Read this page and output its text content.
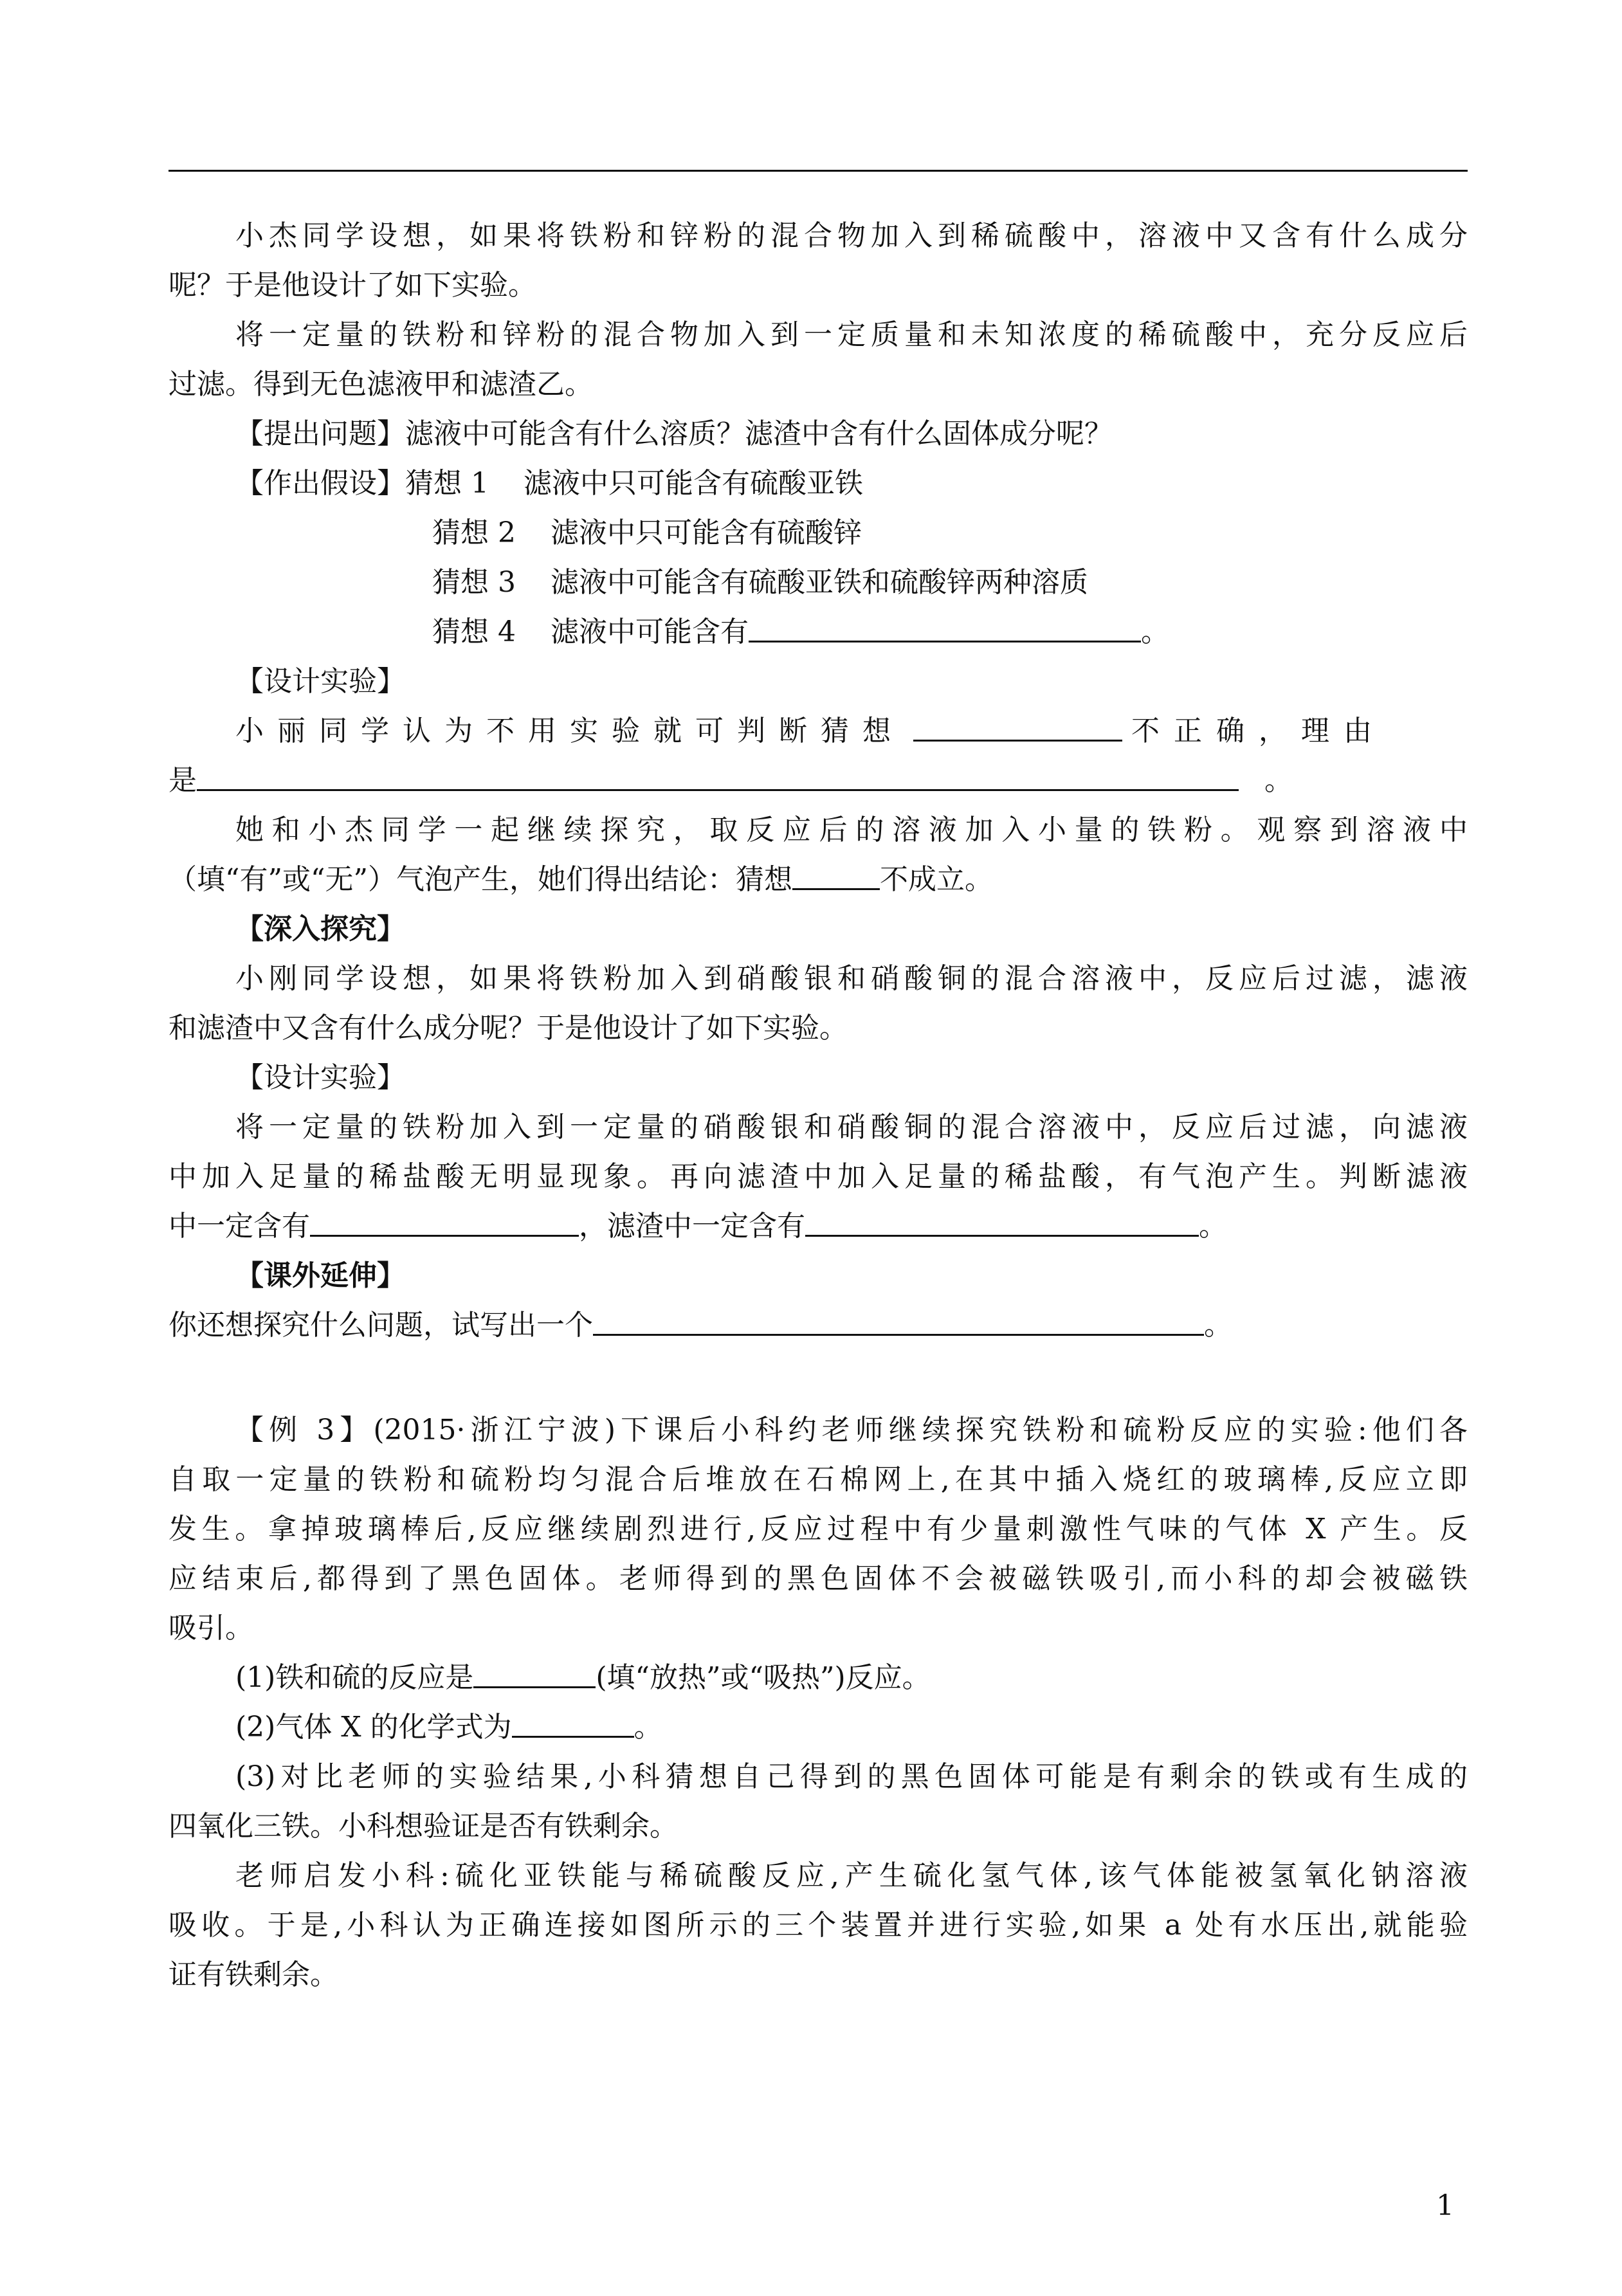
小杰同学设想，如果将铁粉和锌粉的混合物加入到稀硫酸中，溶液中又含有什么成分

呢？于是他设计了如下实验。

将一定量的铁粉和锌粉的混合物加入到一定质量和未知浓度的稀硫酸中，充分反应后

过滤。得到无色滤液甲和滤渣乙。

【提出问题】滤液中可能含有什么溶质？滤渣中含有什么固体成分呢？

【作出假设】 猜想 1 滤液中只可能含有硫酸亚铁
猜想 2 滤液中只可能含有硫酸锌
猜想 3 滤液中可能含有硫酸亚铁和硫酸锌两种溶质
猜想 4 滤液中可能含有	。

【设计实验】

小丽同学认为不用实验就可判断猜想	不正确，理由
是	。

她和小杰同学一起继续探究，取反应后的溶液加入小量的铁粉。观察到溶液中

（填“有”或“无”）气泡产生，她们得出结论：猜想	不成立。

【深入探究】

小刚同学设想，如果将铁粉加入到硝酸银和硝酸铜的混合溶液中，反应后过滤，滤液

和滤渣中又含有什么成分呢？于是他设计了如下实验。

【设计实验】

将一定量的铁粉加入到一定量的硝酸银和硝酸铜的混合溶液中，反应后过滤，向滤液

中加入足量的稀盐酸无明显现象。再向滤渣中加入足量的稀盐酸，有气泡产生。判断滤液

中一定含有	，滤渣中一定含有	。

【课外延伸】

你还想探究什么问题，试写出一个	。

【例 3】(2015·浙江宁波)下课后小科约老师继续探究铁粉和硫粉反应的实验:他们各

自取一定量的铁粉和硫粉均匀混合后堆放在石棉网上,在其中插入烧红的玻璃棒,反应立即

发生。拿掉玻璃棒后,反应继续剧烈进行,反应过程中有少量刺激性气味的气体 X 产生。反

应结束后,都得到了黑色固体。老师得到的黑色固体不会被磁铁吸引,而小科的却会被磁铁

吸引。

(1)铁和硫的反应是	(填“放热”或“吸热”)反应。
(2)气体 X 的化学式为	。

(3)对比老师的实验结果,小科猜想自己得到的黑色固体可能是有剩余的铁或有生成的

四氧化三铁。小科想验证是否有铁剩余。

老师启发小科:硫化亚铁能与稀硫酸反应,产生硫化氢气体,该气体能被氢氧化钠溶液

吸收。于是,小科认为正确连接如图所示的三个装置并进行实验,如果 a 处有水压出,就能验

证有铁剩余。

1
